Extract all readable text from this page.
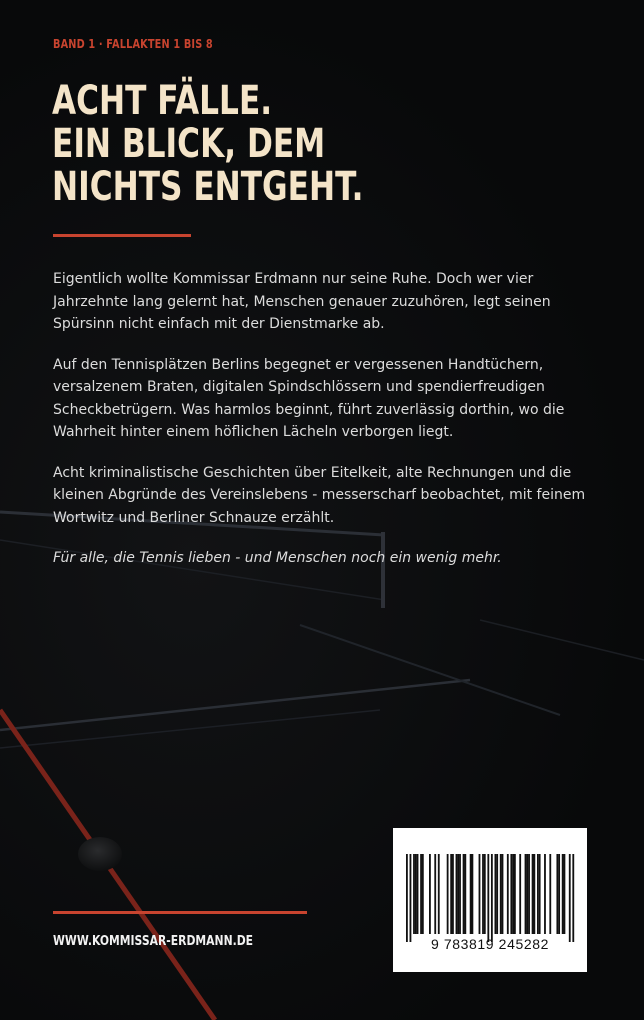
BAND 1 · FALLAKTEN 1 BIS 8
ACHT FÄLLE.
EIN BLICK, DEM
NICHTS ENTGEHT.

Eigentlich wollte Kommissar Erdmann nur seine Ruhe. Doch wer vier Jahrzehnte lang gelernt hat, Menschen genauer zuzuhören, legt seinen Spürsinn nicht einfach mit der Dienstmarke ab.

Auf den Tennisplätzen Berlins begegnet er vergessenen Handtüchern, versalzenem Braten, digitalen Spindschlössern und spendierfreudigen Scheckbetrügern. Was harmlos beginnt, führt zuverlässig dorthin, wo die Wahrheit hinter einem höflichen Lächeln verborgen liegt.

Acht kriminalistische Geschichten über Eitelkeit, alte Rechnungen und die kleinen Abgründe des Vereinslebens - messerscharf beobachtet, mit feinem Wortwitz und Berliner Schnauze erzählt.

Für alle, die Tennis lieben - und Menschen noch ein wenig mehr.

WWW.KOMMISSAR-ERDMANN.DE	9 783819 245282
